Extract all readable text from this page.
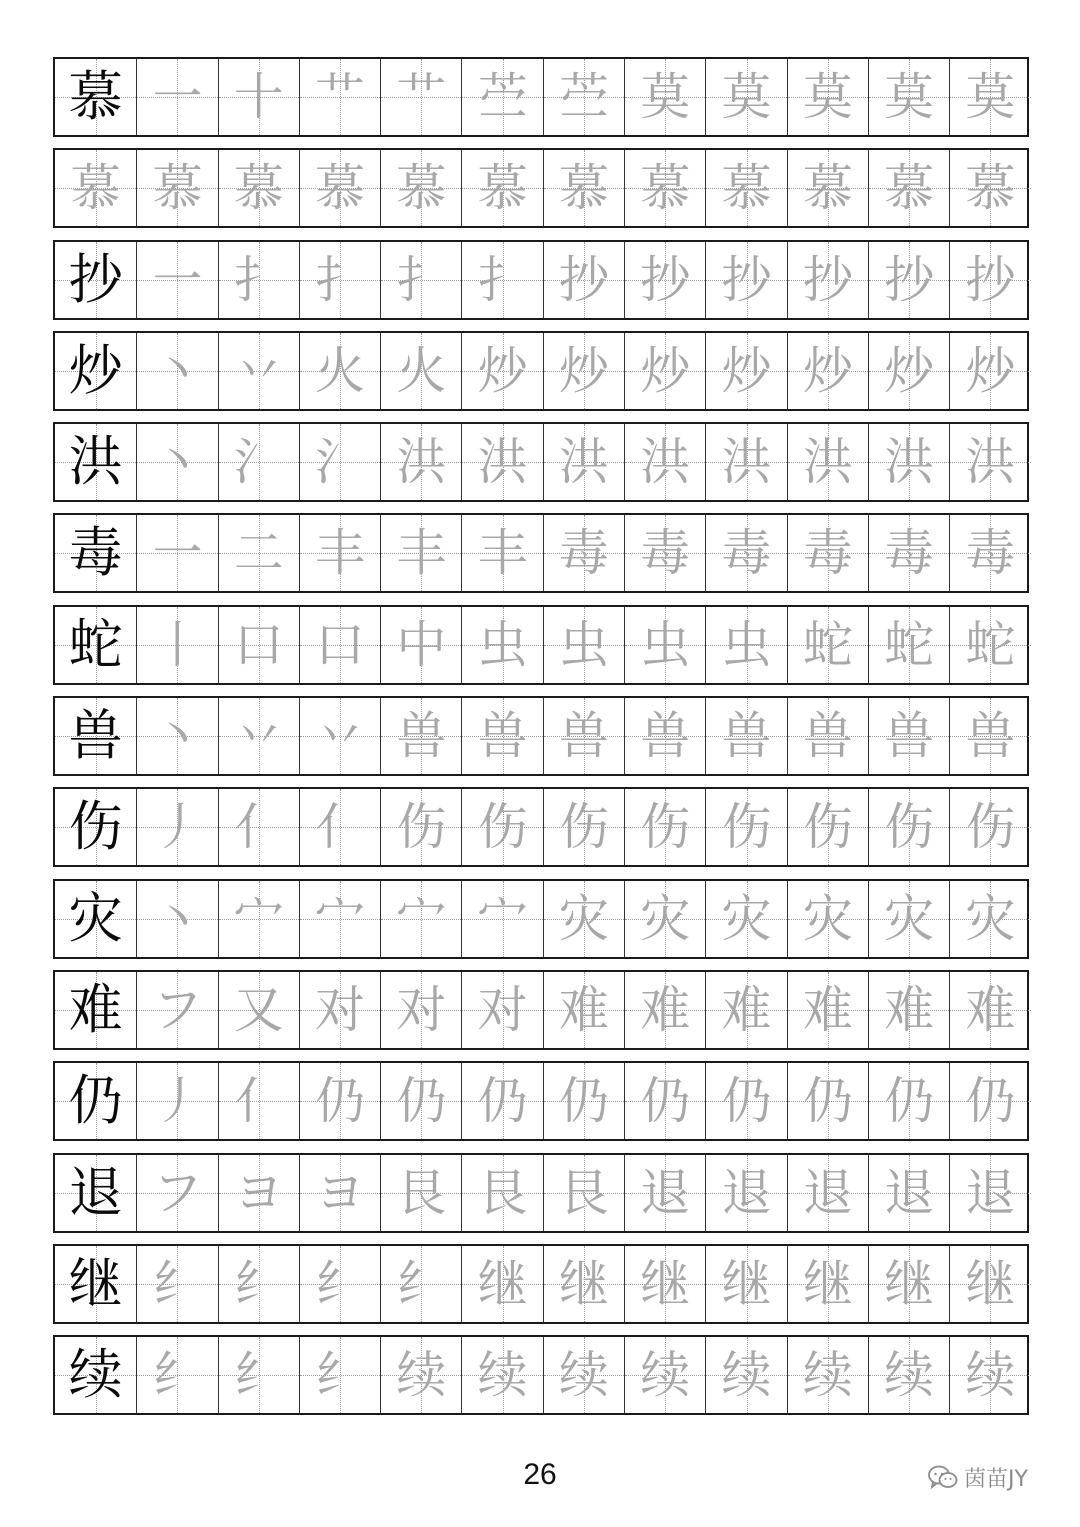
慕 一 十 艹 艹 苎 苎 莫 莫 莫 莫 莫
慕 慕 慕 慕 慕 慕 慕 慕 慕 慕 慕 慕
抄 一 扌 扌 扌 扌 抄 抄 抄 抄 抄 抄
炒 丶 丷 火 火 炒 炒 炒 炒 炒 炒 炒
洪 丶 氵 氵 洪 洪 洪 洪 洪 洪 洪 洪
毒 一 二 丰 丰 丰 毒 毒 毒 毒 毒 毒
蛇 丨 口 口 中 虫 虫 虫 虫 蛇 蛇 蛇
兽 丶 丷 丷 兽 兽 兽 兽 兽 兽 兽 兽
伤 丿 亻 亻 伤 伤 伤 伤 伤 伤 伤 伤
灾 丶 宀 宀 宀 宀 灾 灾 灾 灾 灾 灾
难 フ 又 对 对 对 难 难 难 难 难 难
仍 丿 亻 仍 仍 仍 仍 仍 仍 仍 仍 仍
退 フ ヨ ヨ 艮 艮 艮 退 退 退 退 退
继 纟 纟 纟 纟 继 继 继 继 继 继 继
续 纟 纟 纟 续 续 续 续 续 续 续 续
26	茵苗JY
